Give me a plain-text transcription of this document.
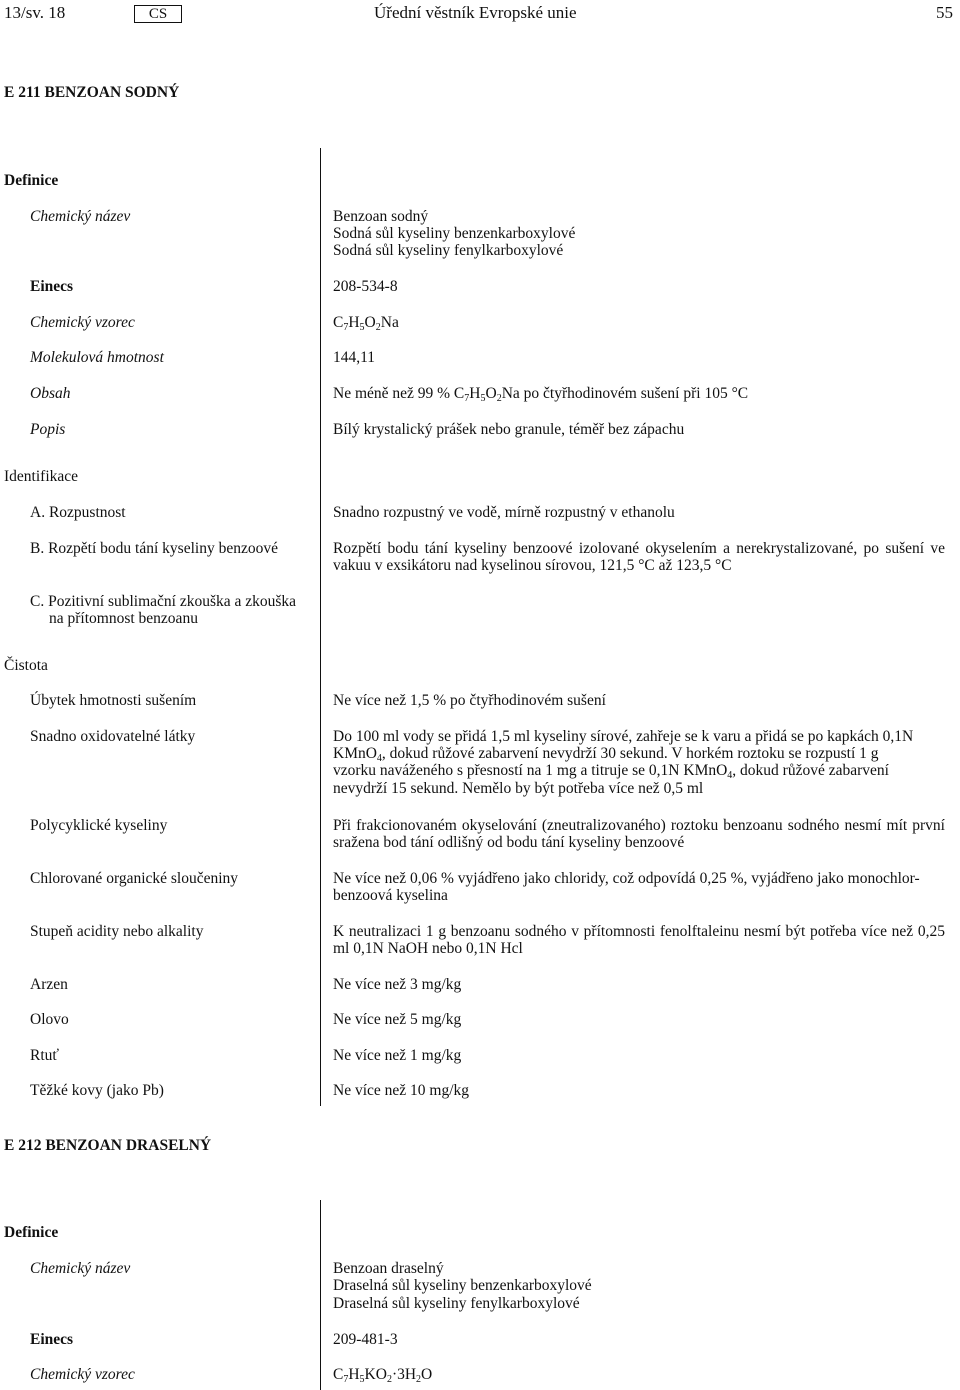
13/sv. 18	CS	Úřední věstník Evropské unie	55
E 211 BENZOAN SODNÝ
Definice
Chemický název	Benzoan sodný
Sodná sůl kyseliny benzenkarboxylové
Sodná sůl kyseliny fenylkarboxylové
Einecs	208-534-8
Chemický vzorec	$C_7H_5O_2Na$
Molekulová hmotnost	144,11
Obsah	Ne méně než 99 % $C_7H_5O_2Na$ po čtyřhodinovém sušení při 105 °C
Popis	Bílý krystalický prášek nebo granule, téměř bez zápachu
Identifikace
A. Rozpustnost	Snadno rozpustný ve vodě, mírně rozpustný v ethanolu
B. Rozpětí bodu tání kyseliny benzoové	Rozpětí bodu tání kyseliny benzoové izolované okyselením a nerekrystalizované, po sušení ve vakuu v exsikátoru nad kyselinou sírovou, 121,5 °C až 123,5 °C
C. Pozitivní sublimační zkouška a zkouška
na přítomnost benzoanu
Čistota
Úbytek hmotnosti sušením	Ne více než 1,5 % po čtyřhodinovém sušení
Snadno oxidovatelné látky	Do 100 ml vody se přidá 1,5 ml kyseliny sírové, zahřeje se k varu a přidá se po kapkách 0,1N
KMnO$_4$, dokud růžové zabarvení nevydrží 30 sekund. V horkém roztoku se rozpustí 1 g
vzorku naváženého s přesností na 1 mg a titruje se 0,1N KMnO$_4$, dokud růžové zabarvení
nevydrží 15 sekund. Nemělo by být potřeba více než 0,5 ml
Polycyklické kyseliny	Při frakcionovaném okyselování (zneutralizovaného) roztoku benzoanu sodného nesmí mít první sražena bod tání odlišný od bodu tání kyseliny benzoové
Chlorované organické sloučeniny	Ne více než 0,06 % vyjádřeno jako chloridy, což odpovídá 0,25 %, vyjádřeno jako monochlor-
benzoová kyselina
Stupeň acidity nebo alkality	K neutralizaci 1 g benzoanu sodného v přítomnosti fenolftaleinu nesmí být potřeba více než 0,25 ml 0,1N NaOH nebo 0,1N Hcl
Arzen	Ne více než 3 mg/kg
Olovo	Ne více než 5 mg/kg
Rtuť	Ne více než 1 mg/kg
Těžké kovy (jako Pb)	Ne více než 10 mg/kg
E 212 BENZOAN DRASELNÝ
Definice
Chemický název	Benzoan draselný
Draselná sůl kyseliny benzenkarboxylové
Draselná sůl kyseliny fenylkarboxylové
Einecs	209-481-3
Chemický vzorec	$C_7H_5KO_2\cdot 3H_2O$
